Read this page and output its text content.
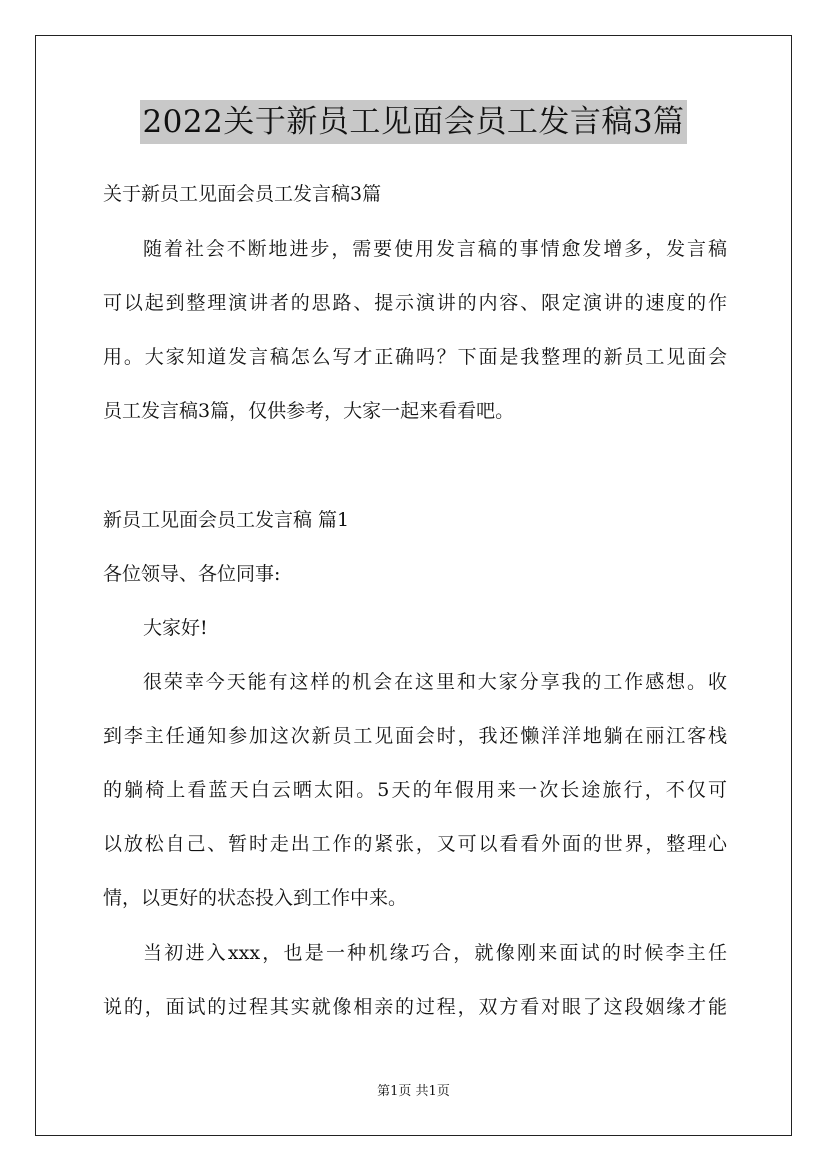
2022关于新员工见面会员工发言稿3篇
关于新员工见面会员工发言稿3篇
随着社会不断地进步，需要使用发言稿的事情愈发增多，发言稿
可以起到整理演讲者的思路、提示演讲的内容、限定演讲的速度的作
用。大家知道发言稿怎么写才正确吗？下面是我整理的新员工见面会
员工发言稿3篇，仅供参考，大家一起来看看吧。
新员工见面会员工发言稿 篇1
各位领导、各位同事:
大家好!
很荣幸今天能有这样的机会在这里和大家分享我的工作感想。收
到李主任通知参加这次新员工见面会时，我还懒洋洋地躺在丽江客栈
的躺椅上看蓝天白云晒太阳。5天的年假用来一次长途旅行，不仅可
以放松自己、暂时走出工作的紧张，又可以看看外面的世界，整理心
情，以更好的状态投入到工作中来。
当初进入xxx，也是一种机缘巧合，就像刚来面试的时候李主任
说的，面试的过程其实就像相亲的过程，双方看对眼了这段姻缘才能
第1页 共1页
